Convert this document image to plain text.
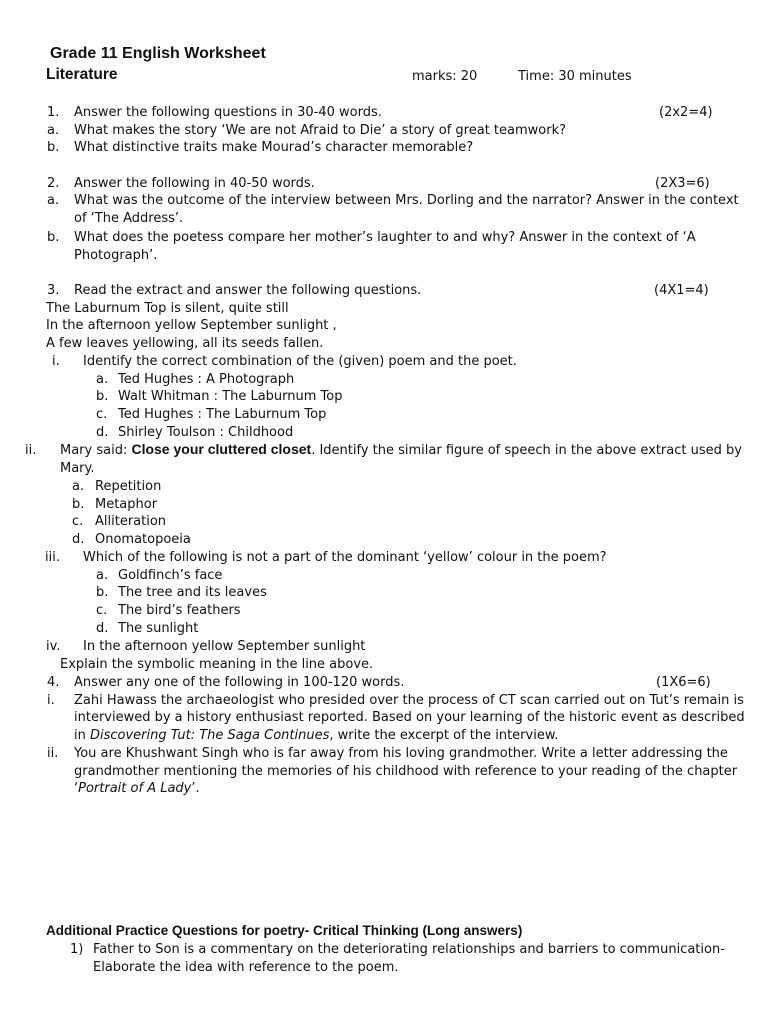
Grade 11 English Worksheet
Literature	marks: 20	Time: 30 minutes
1. Answer the following questions in 30-40 words.	(2x2=4)
a. What makes the story ‘We are not Afraid to Die’ a story of great teamwork?
b. What distinctive traits make Mourad’s character memorable?
2. Answer the following in 40-50 words.	(2X3=6)
a. What was the outcome of the interview between Mrs. Dorling and the narrator? Answer in the context
of ‘The Address’.
b. What does the poetess compare her mother’s laughter to and why? Answer in the context of ‘A
Photograph’.
3. Read the extract and answer the following questions.	(4X1=4)
The Laburnum Top is silent, quite still
In the afternoon yellow September sunlight ,
A few leaves yellowing, all its seeds fallen.
i. Identify the correct combination of the (given) poem and the poet.
a. Ted Hughes : A Photograph
b. Walt Whitman : The Laburnum Top
c. Ted Hughes : The Laburnum Top
d. Shirley Toulson : Childhood
ii. Mary said: Close your cluttered closet. Identify the similar figure of speech in the above extract used by
Mary.
a. Repetition
b. Metaphor
c. Alliteration
d. Onomatopoeia
iii. Which of the following is not a part of the dominant ‘yellow’ colour in the poem?
a. Goldfinch’s face
b. The tree and its leaves
c. The bird’s feathers
d. The sunlight
iv. In the afternoon yellow September sunlight
Explain the symbolic meaning in the line above.
4. Answer any one of the following in 100-120 words.	(1X6=6)
i. Zahi Hawass the archaeologist who presided over the process of CT scan carried out on Tut’s remain is
interviewed by a history enthusiast reported. Based on your learning of the historic event as described
in Discovering Tut: The Saga Continues, write the excerpt of the interview.
ii. You are Khushwant Singh who is far away from his loving grandmother. Write a letter addressing the
grandmother mentioning the memories of his childhood with reference to your reading of the chapter
‘Portrait of A Lady’.
Additional Practice Questions for poetry- Critical Thinking (Long answers)
1) Father to Son is a commentary on the deteriorating relationships and barriers to communication-
Elaborate the idea with reference to the poem.
